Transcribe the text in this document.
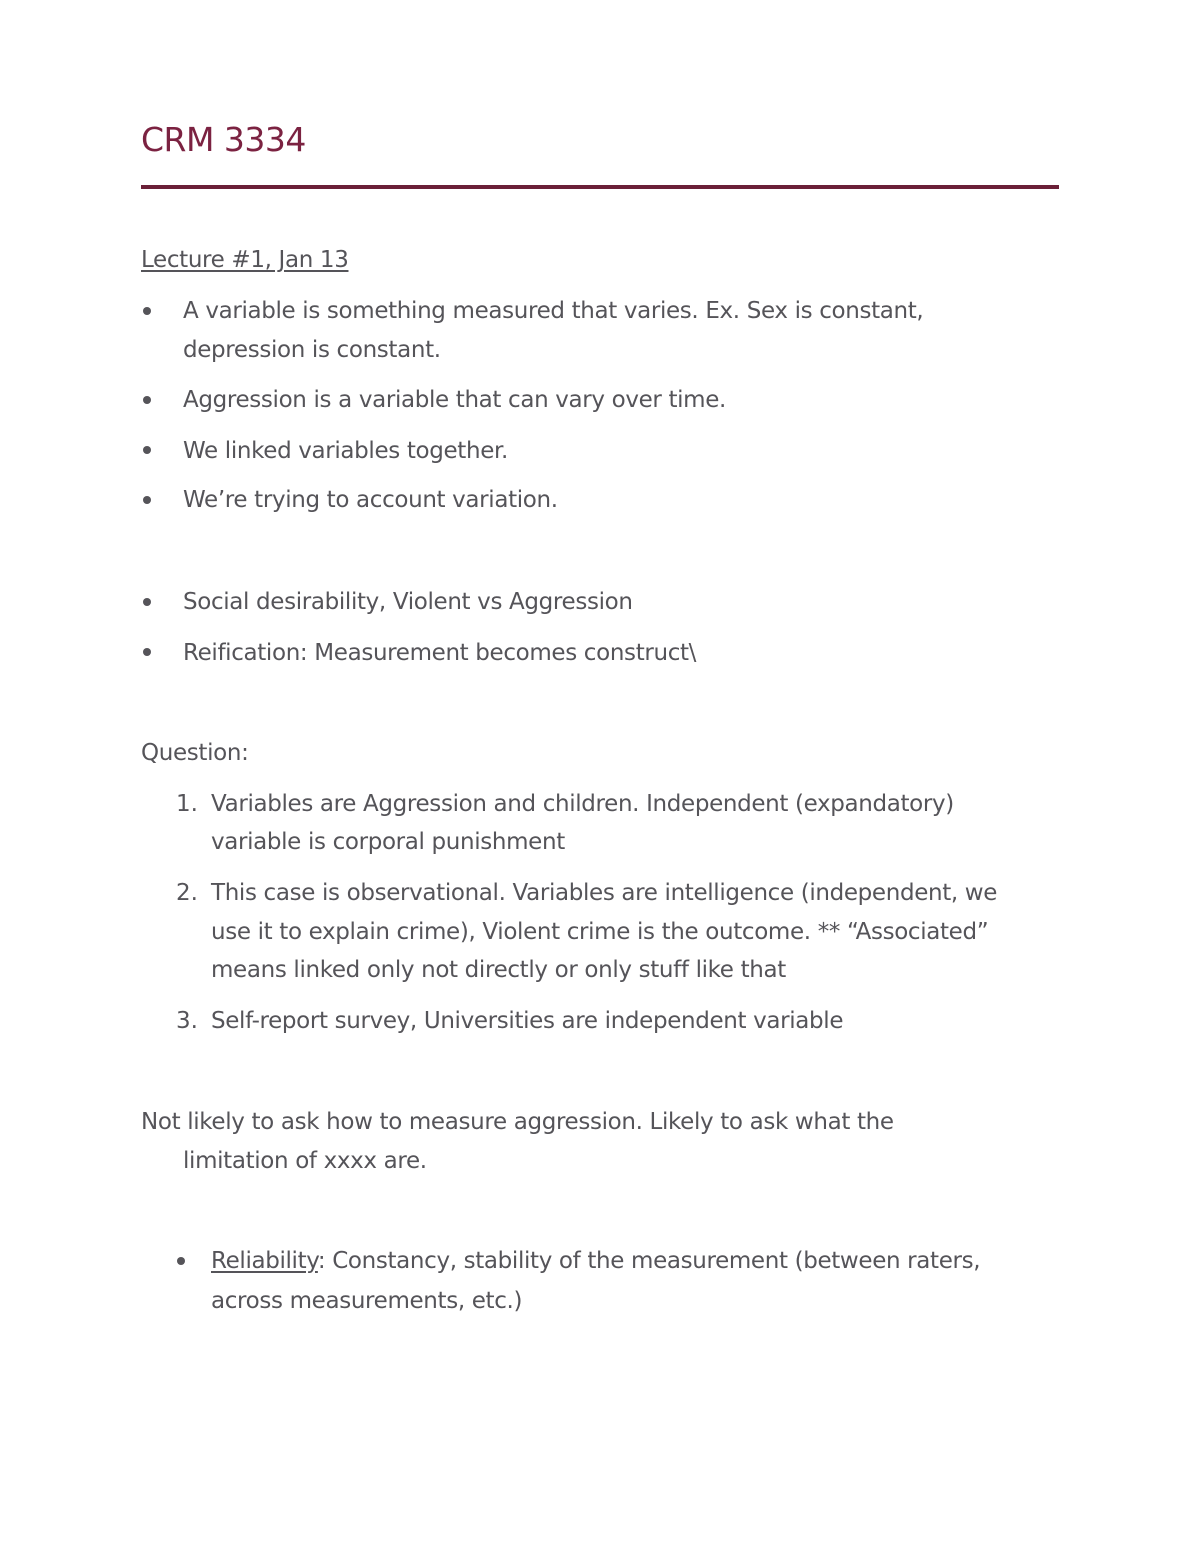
CRM 3334
Lecture #1, Jan 13
A variable is something measured that varies. Ex. Sex is constant,
depression is constant.
Aggression is a variable that can vary over time.
We linked variables together.
We’re trying to account variation.
Social desirability, Violent vs Aggression
Reification: Measurement becomes construct\
Question:
1. Variables are Aggression and children. Independent (expandatory)
variable is corporal punishment
2. This case is observational. Variables are intelligence (independent, we
use it to explain crime), Violent crime is the outcome. ** “Associated”
means linked only not directly or only stuff like that
3. Self-report survey, Universities are independent variable
Not likely to ask how to measure aggression. Likely to ask what the
limitation of xxxx are.
Reliability: Constancy, stability of the measurement (between raters,
across measurements, etc.)
